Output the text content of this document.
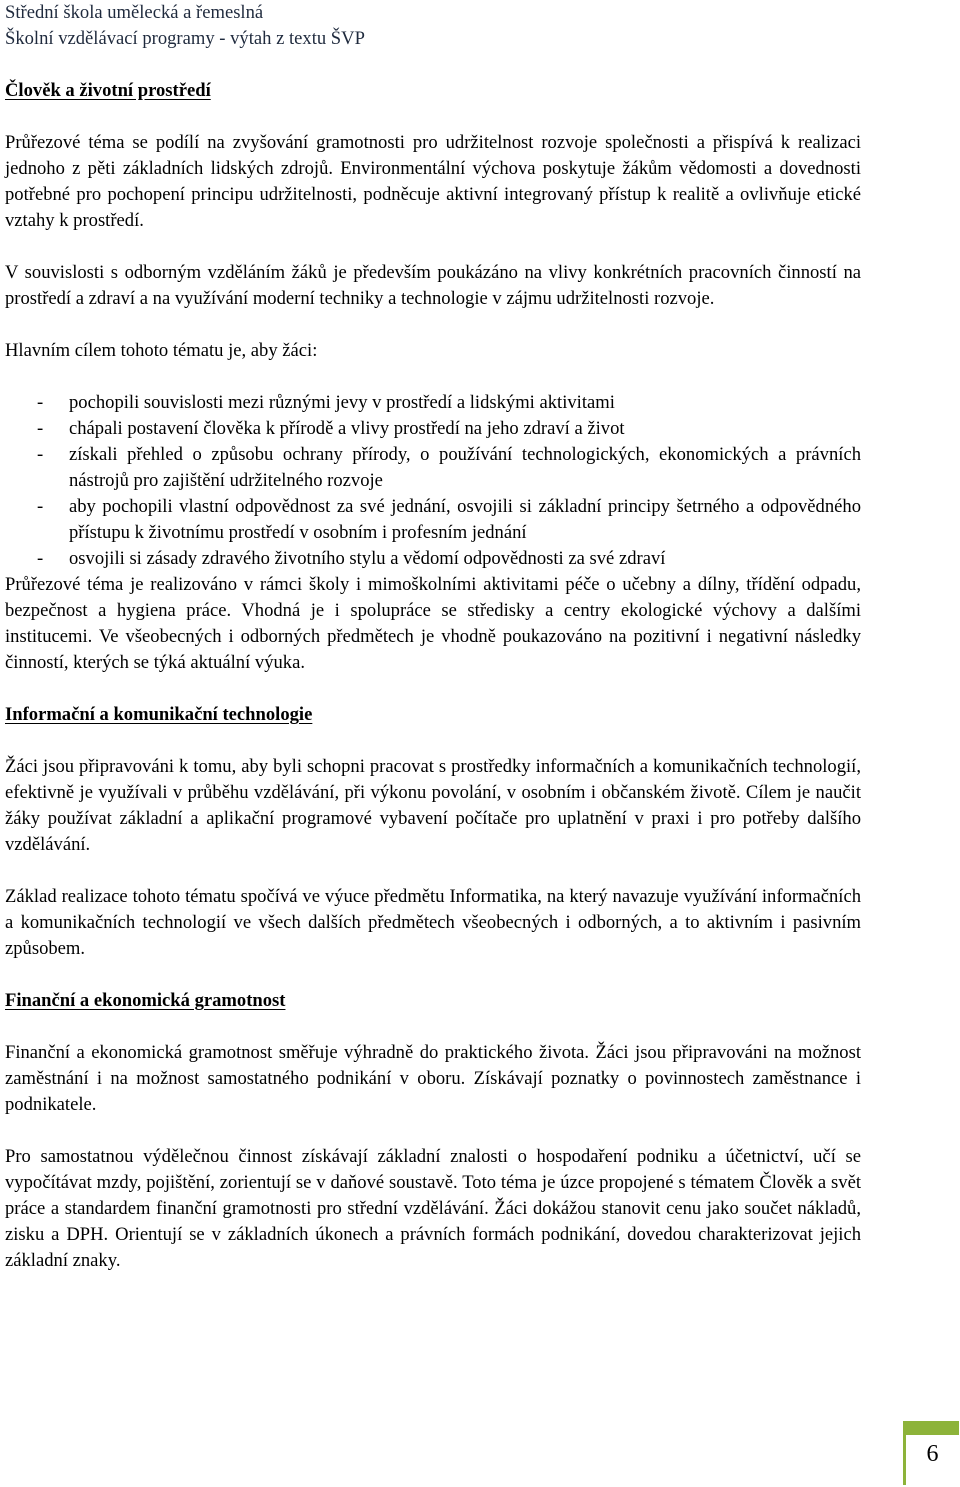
Střední škola umělecká a řemeslná
Školní vzdělávací programy - výtah z textu ŠVP
Člověk a životní prostředí

Průřezové téma se podílí na zvyšování gramotnosti pro udržitelnost rozvoje společnosti a přispívá k realizaci jednoho z pěti základních lidských zdrojů. Environmentální výchova poskytuje žákům vědomosti a dovednosti potřebné pro pochopení principu udržitelnosti, podněcuje aktivní integrovaný přístup k realitě a ovlivňuje etické vztahy k prostředí.

V souvislosti s odborným vzděláním žáků je především poukázáno na vlivy konkrétních pracovních činností na prostředí a zdraví a na využívání moderní techniky a technologie v zájmu udržitelnosti rozvoje.

Hlavním cílem tohoto tématu je, aby žáci:

- pochopili souvislosti mezi různými jevy v prostředí a lidskými aktivitami
- chápali postavení člověka k přírodě a vlivy prostředí na jeho zdraví a život
- získali přehled o způsobu ochrany přírody, o používání technologických, ekonomických a právních nástrojů pro zajištění udržitelného rozvoje
- aby pochopili vlastní odpovědnost za své jednání, osvojili si základní principy šetrného a odpovědného přístupu k životnímu prostředí v osobním i profesním jednání
- osvojili si zásady zdravého životního stylu a vědomí odpovědnosti za své zdraví

Průřezové téma je realizováno v rámci školy i mimoškolními aktivitami péče o učebny a dílny, třídění odpadu, bezpečnost a hygiena práce. Vhodná je i spolupráce se středisky a centry ekologické výchovy a dalšími institucemi. Ve všeobecných i odborných předmětech je vhodně poukazováno na pozitivní i negativní následky činností, kterých se týká aktuální výuka.

Informační a komunikační technologie

Žáci jsou připravováni k tomu, aby byli schopni pracovat s prostředky informačních a komunikačních technologií, efektivně je využívali v průběhu vzdělávání, při výkonu povolání, v osobním i občanském životě. Cílem je naučit žáky používat základní a aplikační programové vybavení počítače pro uplatnění v praxi i pro potřeby dalšího vzdělávání.

Základ realizace tohoto tématu spočívá ve výuce předmětu Informatika, na který navazuje využívání informačních a komunikačních technologií ve všech dalších předmětech všeobecných i odborných, a to aktivním i pasivním způsobem.

Finanční a ekonomická gramotnost

Finanční a ekonomická gramotnost směřuje výhradně do praktického života. Žáci jsou připravováni na možnost zaměstnání i na možnost samostatného podnikání v oboru. Získávají poznatky o povinnostech zaměstnance i podnikatele.

Pro samostatnou výdělečnou činnost získávají základní znalosti o hospodaření podniku a účetnictví, učí se vypočítávat mzdy, pojištění, zorientují se v daňové soustavě. Toto téma je úzce propojené s tématem Člověk a svět práce a standardem finanční gramotnosti pro střední vzdělávání. Žáci dokážou stanovit cenu jako součet nákladů, zisku a DPH. Orientují se v základních úkonech a právních formách podnikání, dovedou charakterizovat jejich základní znaky.

6
